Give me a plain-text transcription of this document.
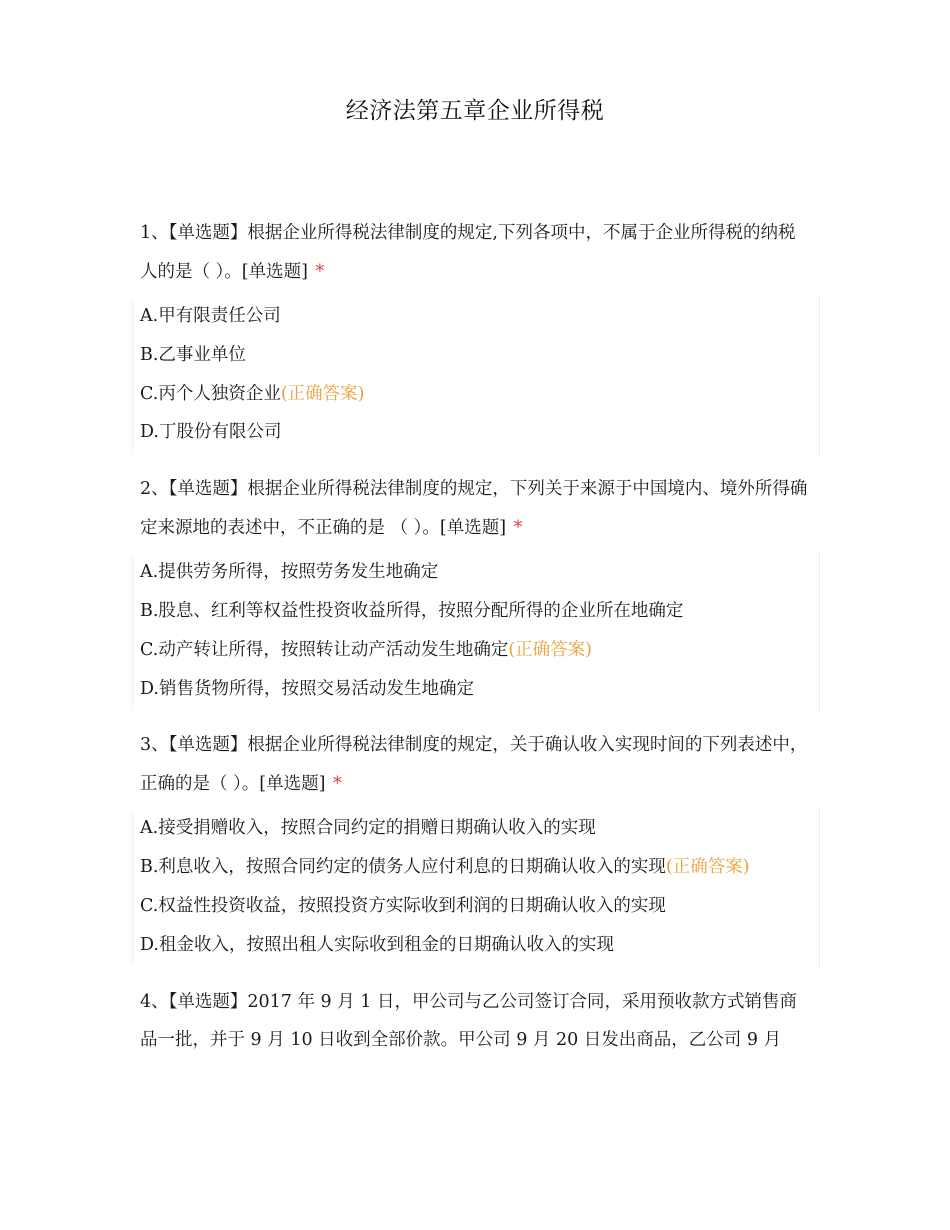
经济法第五章企业所得税
1、【单选题】根据企业所得税法律制度的规定,下列各项中，不属于企业所得税的纳税人的是（ ）。[单选题] *
A.甲有限责任公司
B.乙事业单位
C.丙个人独资企业(正确答案)
D.丁股份有限公司
2、【单选题】根据企业所得税法律制度的规定，下列关于来源于中国境内、境外所得确定来源地的表述中，不正确的是 （ ）。[单选题] *
A.提供劳务所得，按照劳务发生地确定
B.股息、红利等权益性投资收益所得，按照分配所得的企业所在地确定
C.动产转让所得，按照转让动产活动发生地确定(正确答案)
D.销售货物所得，按照交易活动发生地确定
3、【单选题】根据企业所得税法律制度的规定，关于确认收入实现时间的下列表述中，正确的是（ ）。[单选题] *
A.接受捐赠收入，按照合同约定的捐赠日期确认收入的实现
B.利息收入，按照合同约定的债务人应付利息的日期确认收入的实现(正确答案)
C.权益性投资收益，按照投资方实际收到利润的日期确认收入的实现
D.租金收入，按照出租人实际收到租金的日期确认收入的实现
4、【单选题】2017 年 9 月 1 日，甲公司与乙公司签订合同，采用预收款方式销售商品一批，并于 9 月 10 日收到全部价款。甲公司 9 月 20 日发出商品，乙公司 9 月
